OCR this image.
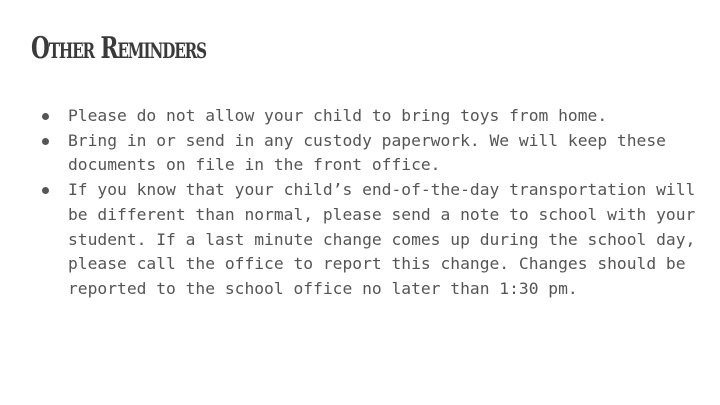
Other Reminders
Please do not allow your child to bring toys from home.
Bring in or send in any custody paperwork. We will keep these documents on file in the front office.
If you know that your child’s end-of-the-day transportation will be different than normal, please send a note to school with your student. If a last minute change comes up during the school day, please call the office to report this change. Changes should be reported to the school office no later than 1:30 pm.
